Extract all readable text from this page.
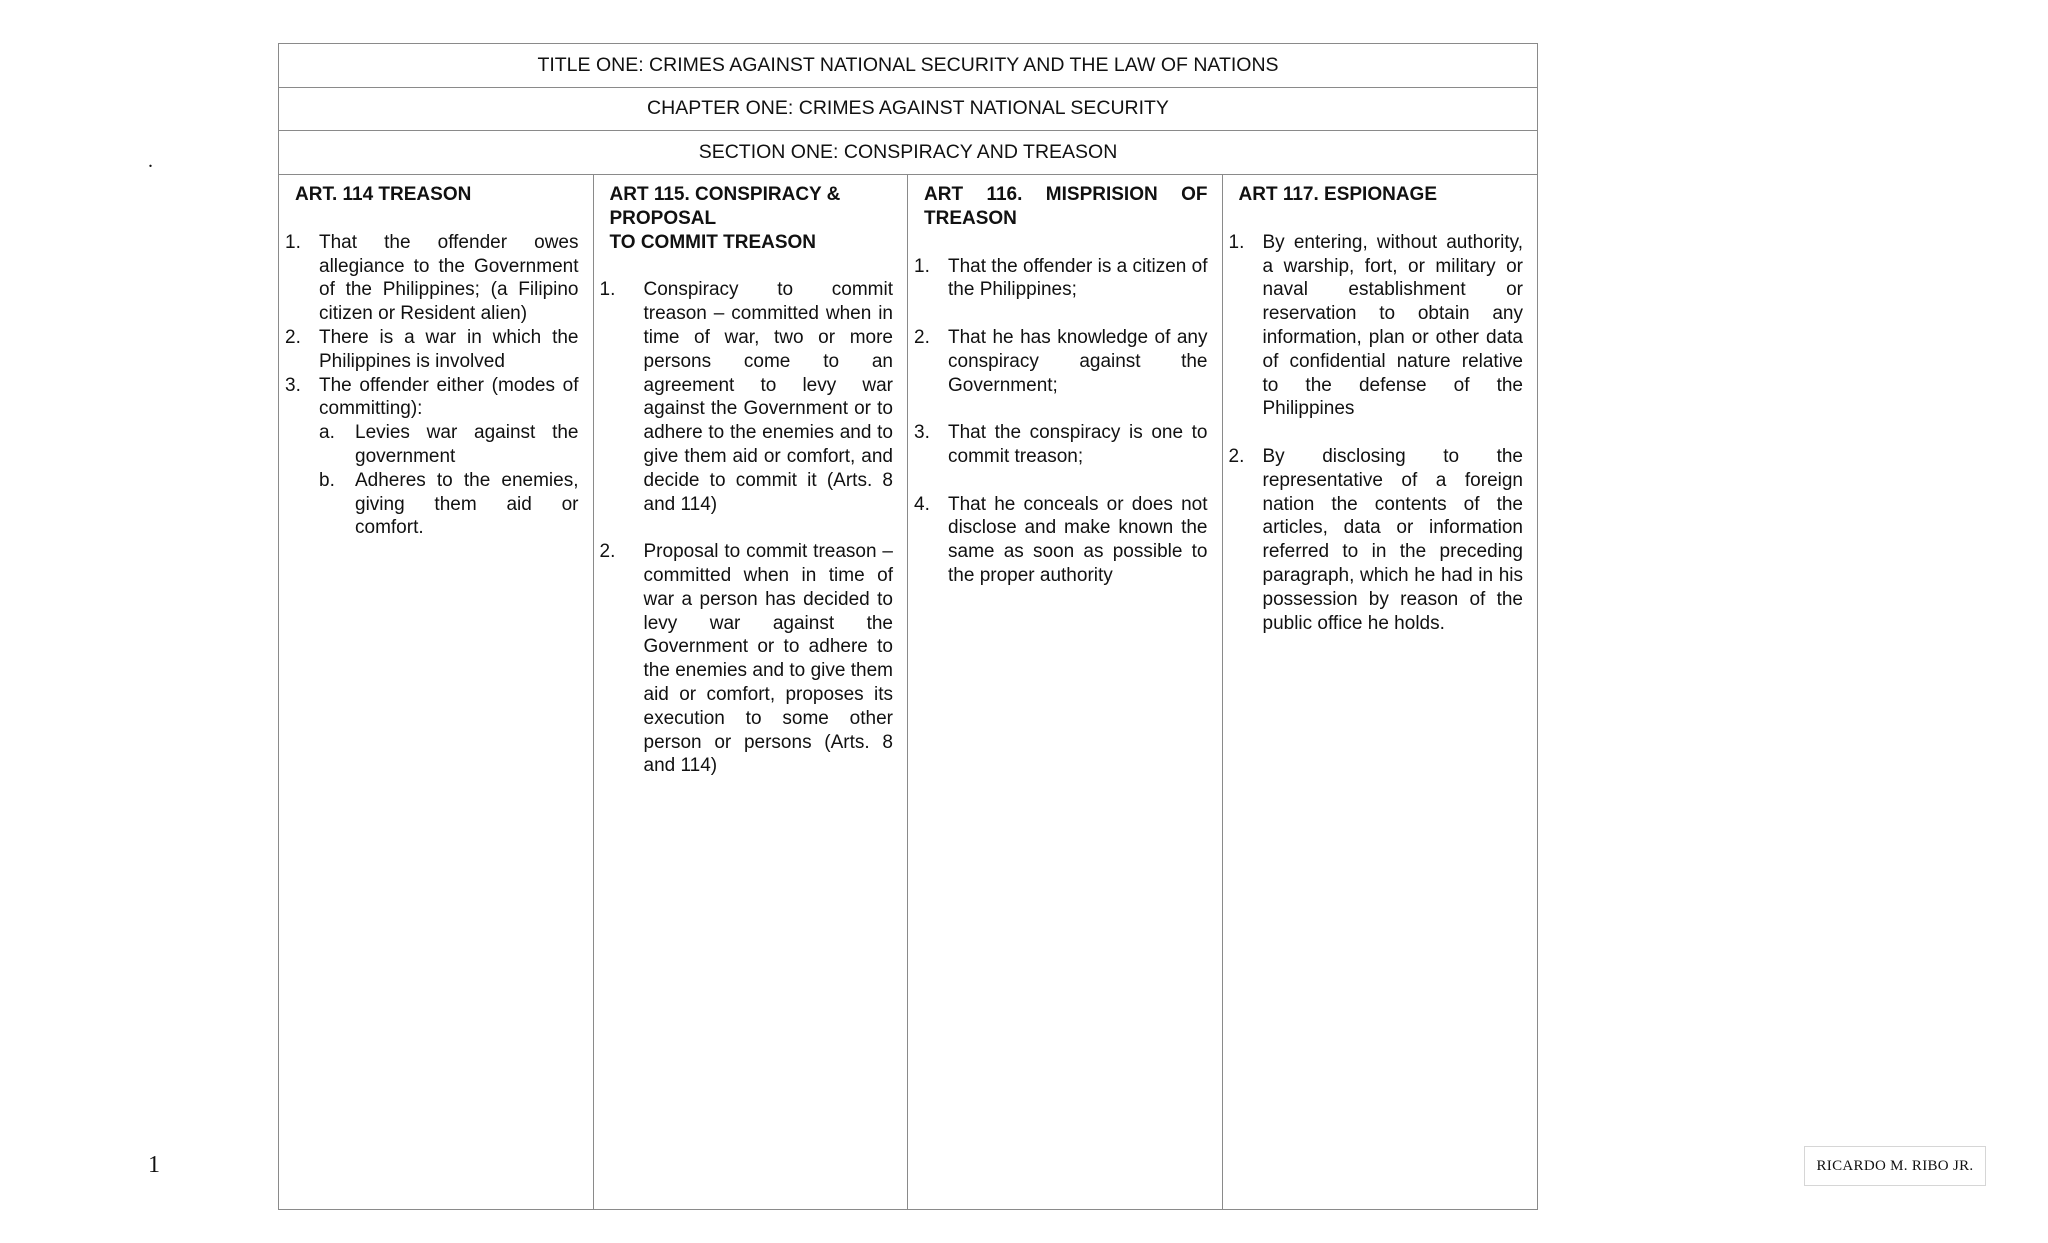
.
1	RICARDO M. RIBO JR.
TITLE ONE: CRIMES AGAINST NATIONAL SECURITY AND THE LAW OF NATIONS
CHAPTER ONE: CRIMES AGAINST NATIONAL SECURITY
SECTION ONE: CONSPIRACY AND TREASON
ART. 114 TREASON
1. That the offender owes allegiance to the Government of the Philippines; (a Filipino citizen or Resident alien)
2. There is a war in which the Philippines is involved
3. The offender either (modes of committing):
a. Levies war against the government
b. Adheres to the enemies, giving them aid or comfort.
ART 115. CONSPIRACY & PROPOSAL
TO COMMIT TREASON
1. Conspiracy to commit treason – committed when in time of war, two or more persons come to an agreement to levy war against the Government or to adhere to the enemies and to give them aid or comfort, and decide to commit it (Arts. 8 and 114)
2. Proposal to commit treason – committed when in time of war a person has decided to levy war against the Government or to adhere to the enemies and to give them aid or comfort, proposes its execution to some other person or persons (Arts. 8 and 114)
ART 116. MISPRISION OF TREASON
1. That the offender is a citizen of the Philippines;
2. That he has knowledge of any conspiracy against the Government;
3. That the conspiracy is one to commit treason;
4. That he conceals or does not disclose and make known the same as soon as possible to the proper authority
ART 117. ESPIONAGE
1. By entering, without authority, a warship, fort, or military or naval establishment or reservation to obtain any information, plan or other data of confidential nature relative to the defense of the Philippines
2. By disclosing to the representative of a foreign nation the contents of the articles, data or information referred to in the preceding paragraph, which he had in his possession by reason of the public office he holds.
